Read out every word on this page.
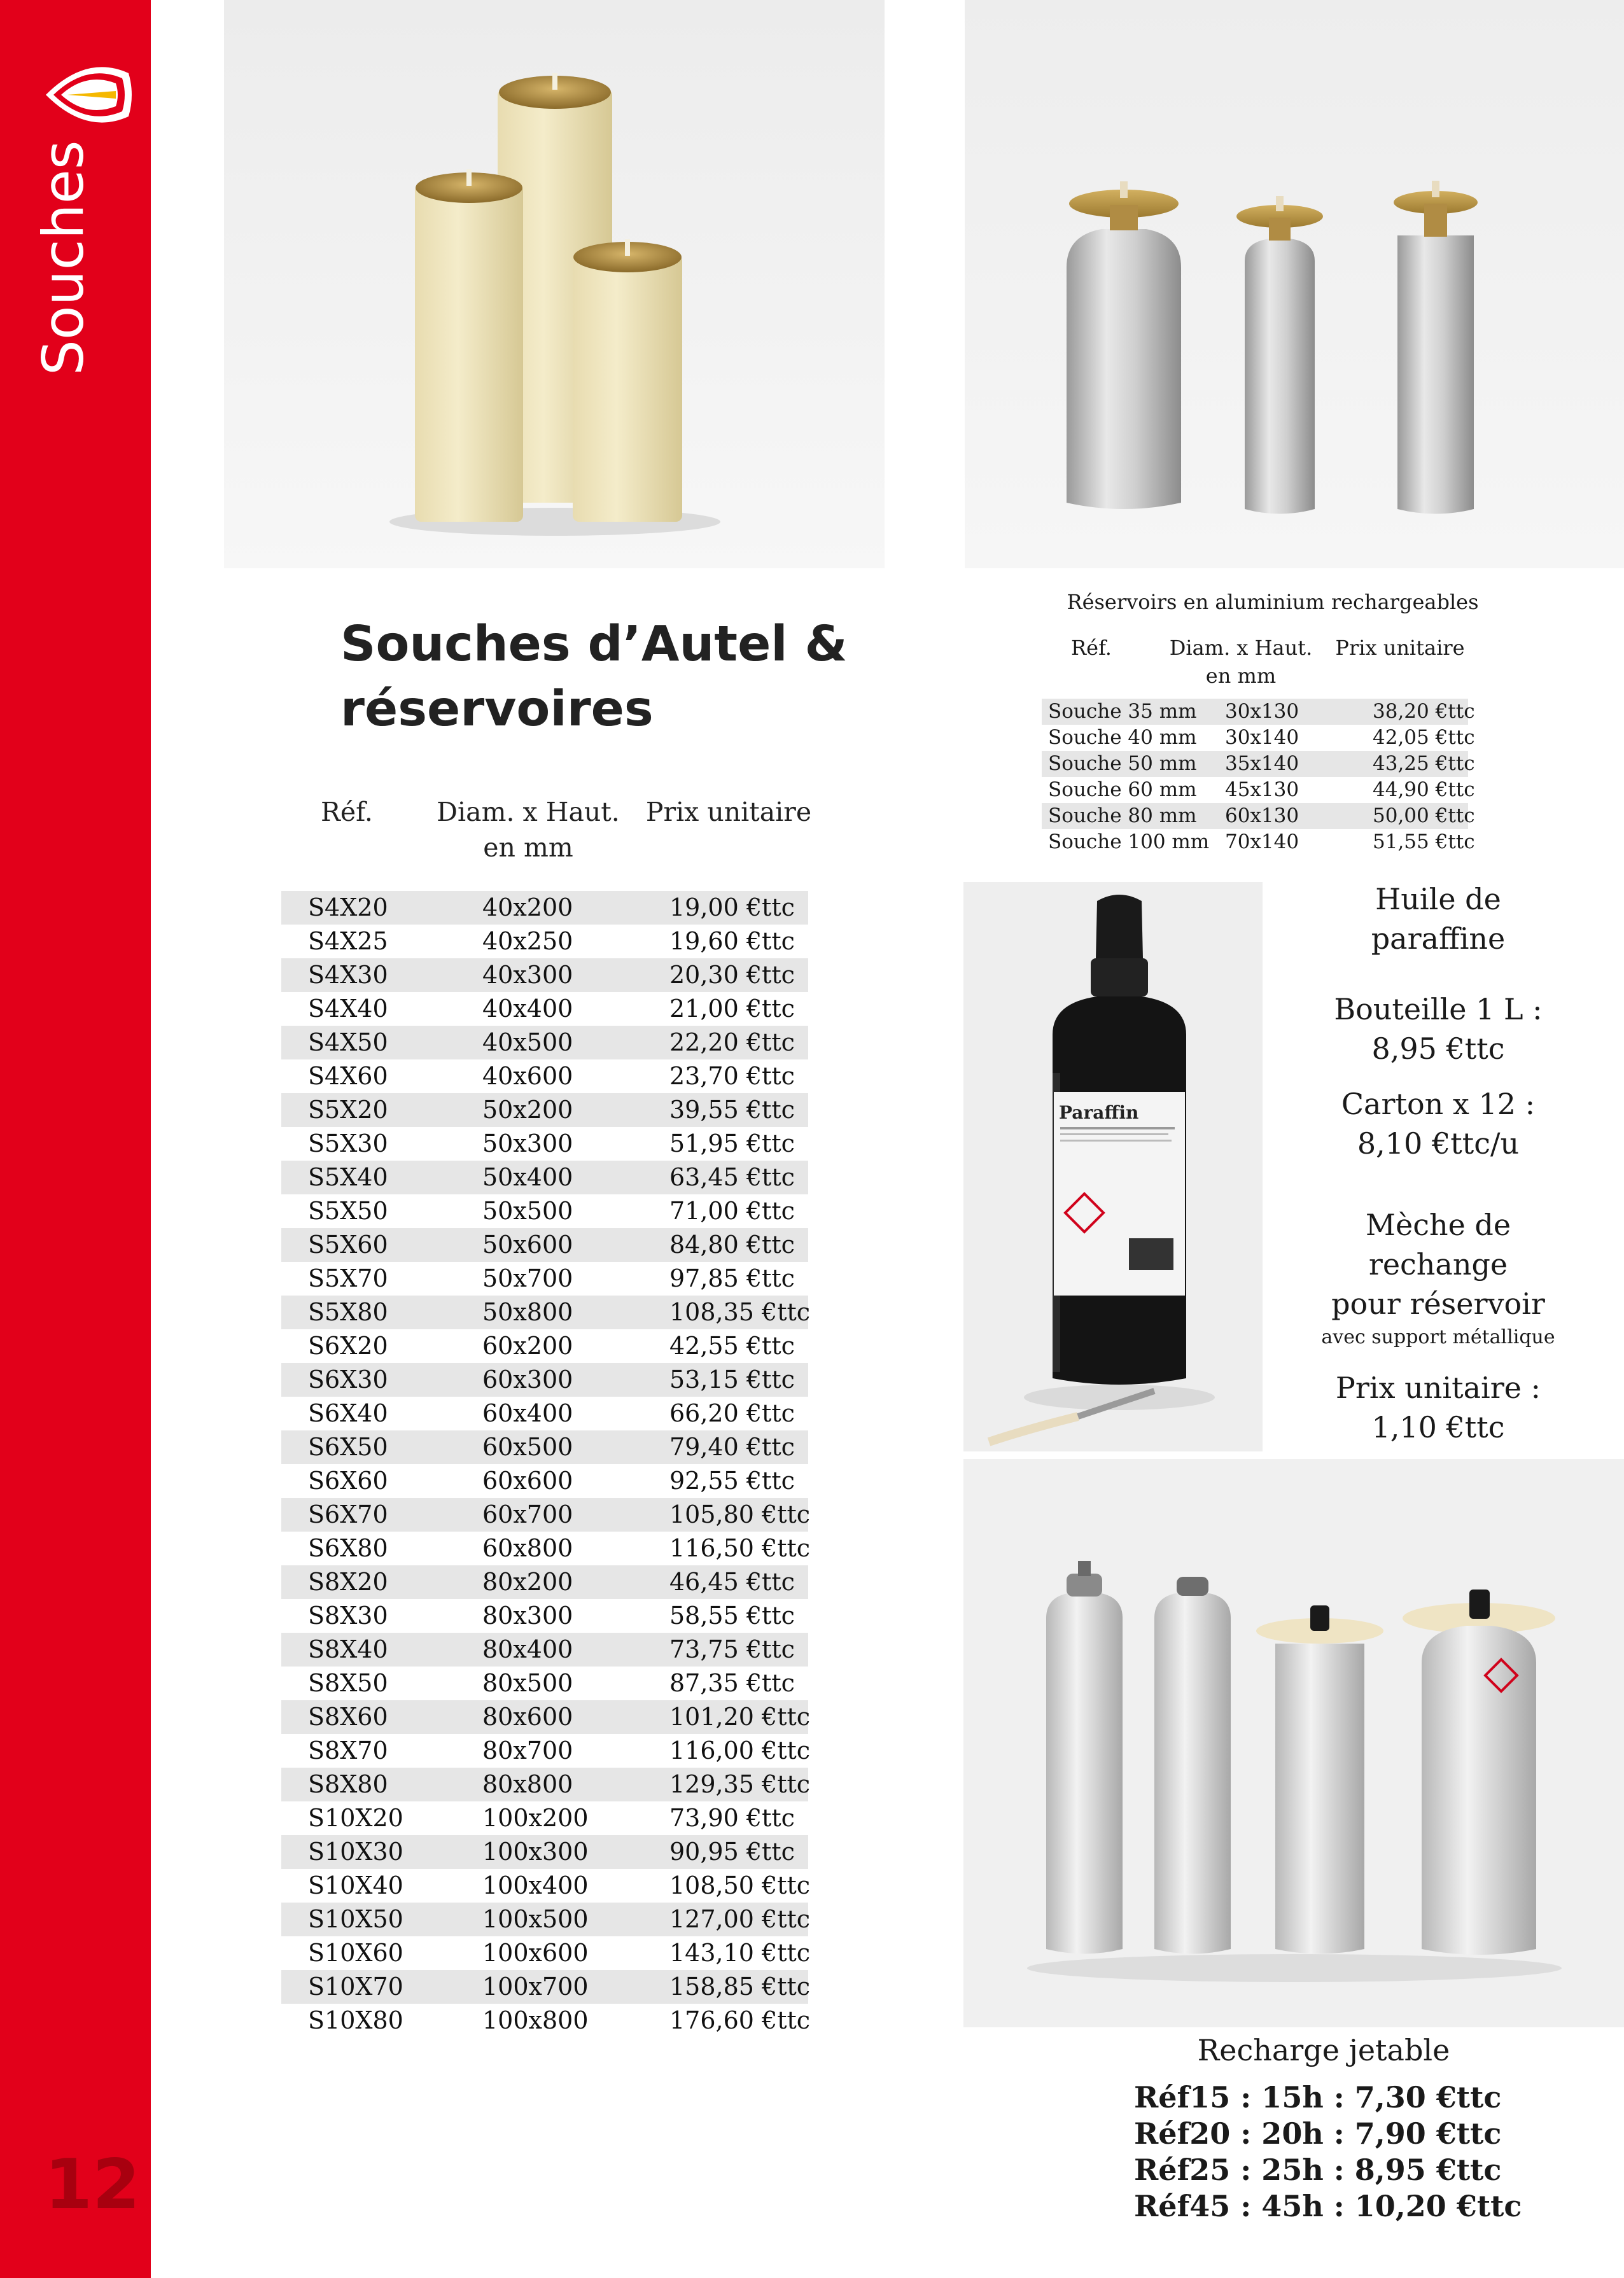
Souches
12
Souches d’Autel &
réservoires
Réf.	Diam. x Haut.
en mm
Prix unitaire
S4X20	40x200	19,00 €ttc
S4X25	40x250	19,60 €ttc
S4X30	40x300	20,30 €ttc
S4X40	40x400	21,00 €ttc
S4X50	40x500	22,20 €ttc
S4X60	40x600	23,70 €ttc
S5X20	50x200	39,55 €ttc
S5X30	50x300	51,95 €ttc
S5X40	50x400	63,45 €ttc
S5X50	50x500	71,00 €ttc
S5X60	50x600	84,80 €ttc
S5X70	50x700	97,85 €ttc
S5X80	50x800	108,35 €ttc
S6X20	60x200	42,55 €ttc
S6X30	60x300	53,15 €ttc
S6X40	60x400	66,20 €ttc
S6X50	60x500	79,40 €ttc
S6X60	60x600	92,55 €ttc
S6X70	60x700	105,80 €ttc
S6X80	60x800	116,50 €ttc
S8X20	80x200	46,45 €ttc
S8X30	80x300	58,55 €ttc
S8X40	80x400	73,75 €ttc
S8X50	80x500	87,35 €ttc
S8X60	80x600	101,20 €ttc
S8X70	80x700	116,00 €ttc
S8X80	80x800	129,35 €ttc
S10X20	100x200	73,90 €ttc
S10X30	100x300	90,95 €ttc
S10X40	100x400	108,50 €ttc
S10X50	100x500	127,00 €ttc
S10X60	100x600	143,10 €ttc
S10X70	100x700	158,85 €ttc
S10X80	100x800	176,60 €ttc
Réservoirs en aluminium rechargeables
Réf.	Diam. x Haut.
en mm
Prix unitaire
Souche 35 mm 30x130	38,20 €ttc
Souche 40 mm 30x140	42,05 €ttc
Souche 50 mm 35x140	43,25 €ttc
Souche 60 mm 45x130	44,90 €ttc
Souche 80 mm 60x130	50,00 €ttc
Souche 100 mm 70x140	51,55 €ttc
Paraffin
Huile de
paraffine
Bouteille 1 L :
8,95 €ttc
Carton x 12 :
8,10 €ttc/u
Mèche de
rechange
pour réservoir
avec support métallique
Prix unitaire :
1,10 €ttc
Recharge jetable
Réf15 : 15h : 7,30 €ttc
Réf20 : 20h : 7,90 €ttc
Réf25 : 25h : 8,95 €ttc
Réf45 : 45h : 10,20 €ttc
